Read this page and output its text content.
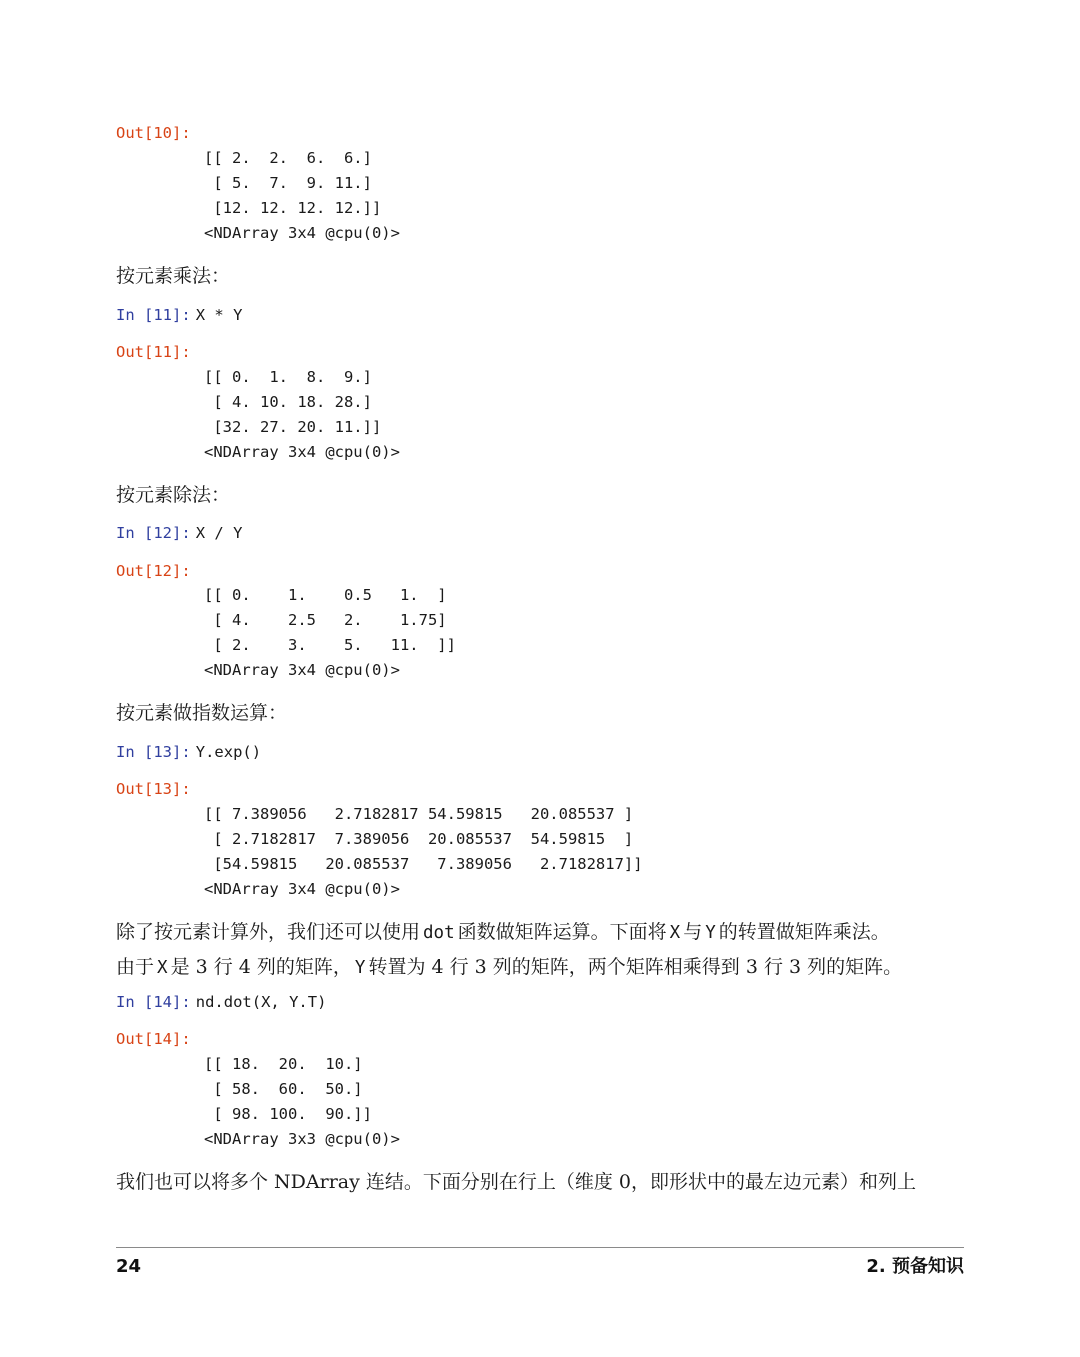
Out[10]:
[[ 2.  2.  6.  6.]
[ 5.  7.  9. 11.]
[12. 12. 12. 12.]]
<NDArray 3x4 @cpu(0)>
按元素乘法：
In [11]: X * Y
Out[11]:
[[ 0.  1.  8.  9.]
[ 4. 10. 18. 28.]
[32. 27. 20. 11.]]
<NDArray 3x4 @cpu(0)>
按元素除法：
In [12]: X / Y
Out[12]:
[[ 0.    1.    0.5   1.  ]
[ 4.    2.5   2.    1.75]
[ 2.    3.    5.   11.  ]]
<NDArray 3x4 @cpu(0)>
按元素做指数运算：
In [13]: Y.exp()
Out[13]:
[[ 7.389056   2.7182817 54.59815   20.085537 ]
[ 2.7182817  7.389056  20.085537  54.59815  ]
[54.59815   20.085537   7.389056   2.7182817]]
<NDArray 3x4 @cpu(0)>
除了按元素计算外，我们还可以使用 dot 函数做矩阵运算。下面将 X 与 Y 的转置做矩阵乘法。
由于 X 是 3 行 4 列的矩阵， Y 转置为 4 行 3 列的矩阵，两个矩阵相乘得到 3 行 3 列的矩阵。
In [14]: nd.dot(X, Y.T)
Out[14]:
[[ 18.  20.  10.]
[ 58.  60.  50.]
[ 98. 100.  90.]]
<NDArray 3x3 @cpu(0)>
我们也可以将多个 NDArray 连结。下面分别在行上（维度 0，即形状中的最左边元素）和列上
24	2. 预备知识
